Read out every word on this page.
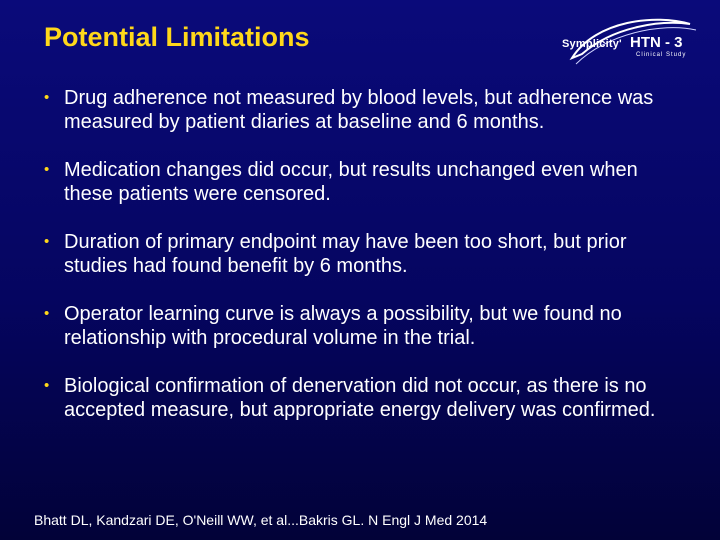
Potential Limitations	Symplicity' HTN - 3
Clinical Study
• Drug adherence not measured by blood levels, but adherence was measured by patient diaries at baseline and 6 months.
• Medication changes did occur, but results unchanged even when these patients were censored.
• Duration of primary endpoint may have been too short, but prior studies had found benefit by 6 months.
• Operator learning curve is always a possibility, but we found no relationship with procedural volume in the trial.
• Biological confirmation of denervation did not occur, as there is no accepted measure, but appropriate energy delivery was confirmed.
Bhatt DL, Kandzari DE, O'Neill WW, et al...Bakris GL. N Engl J Med 2014
